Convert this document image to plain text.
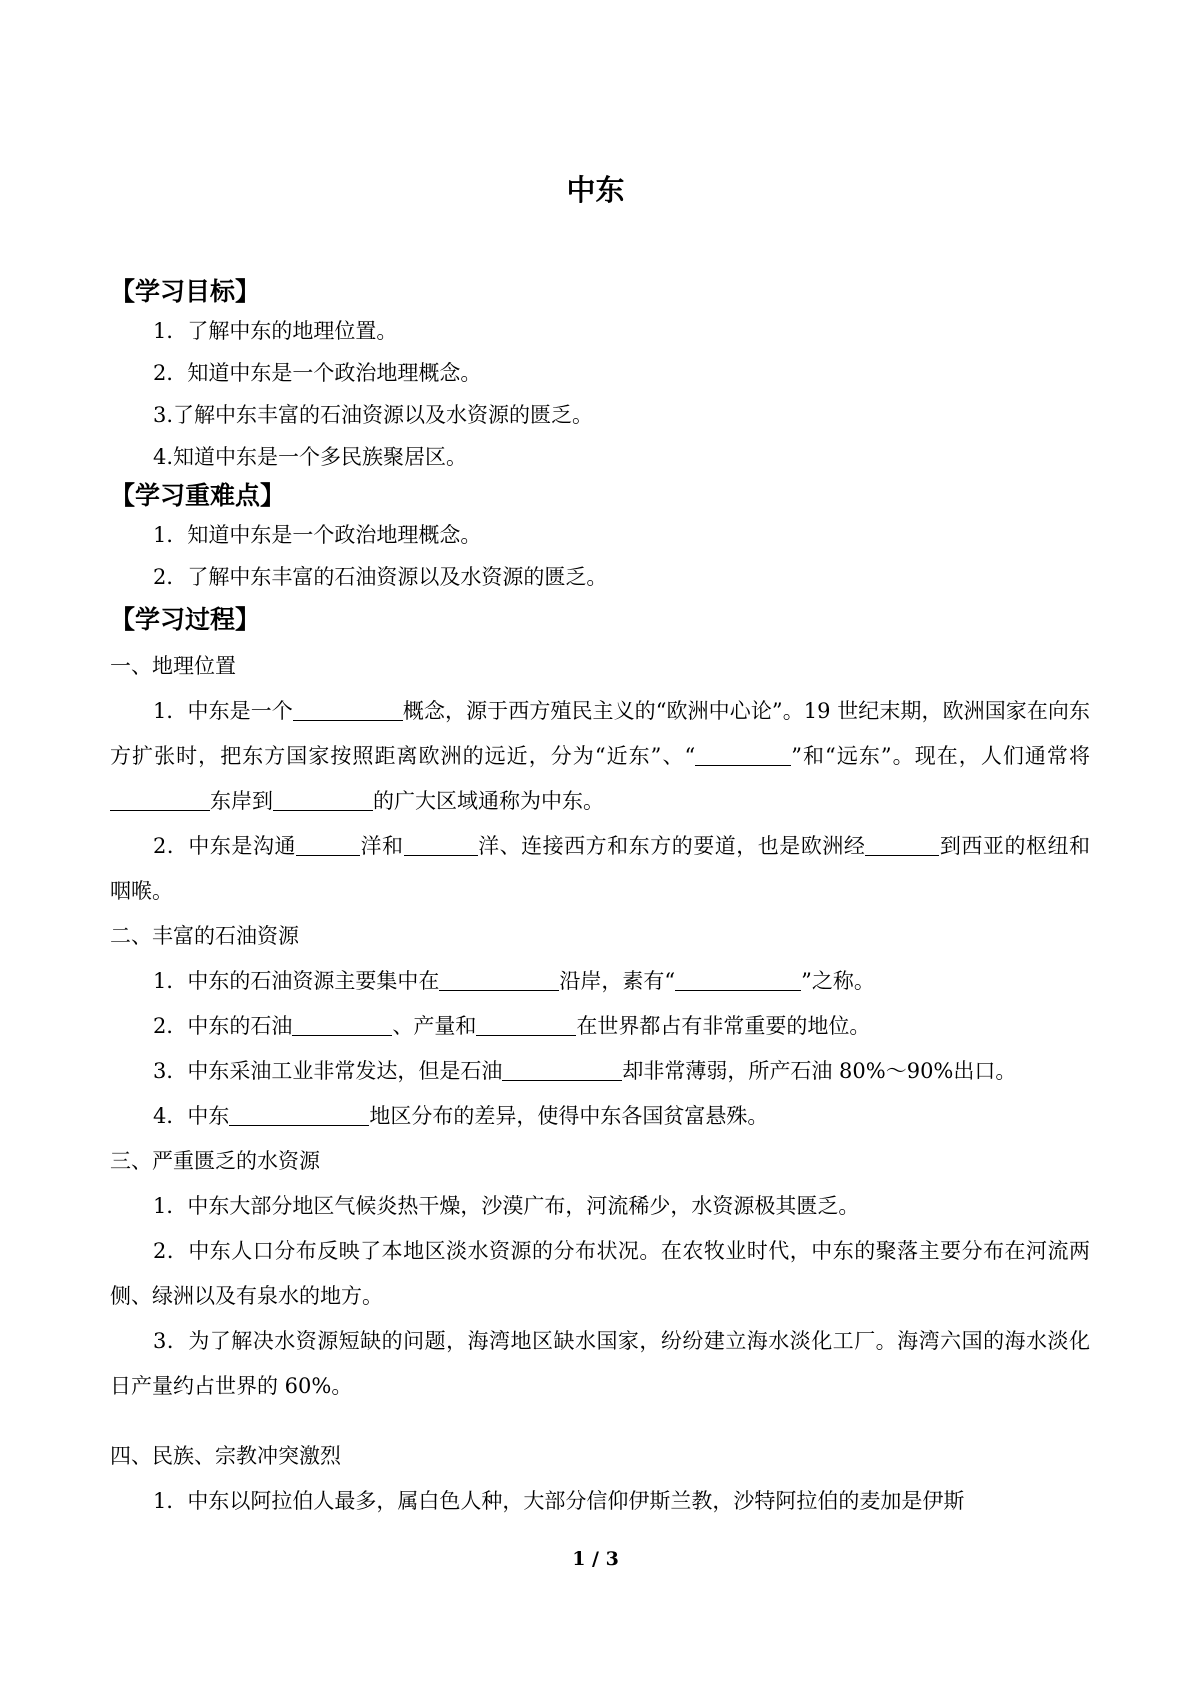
中东

【学习目标】

1．了解中东的地理位置。

2．知道中东是一个政治地理概念。

3.了解中东丰富的石油资源以及水资源的匮乏。

4.知道中东是一个多民族聚居区。

【学习重难点】

1．知道中东是一个政治地理概念。

2．了解中东丰富的石油资源以及水资源的匮乏。

【学习过程】

一、地理位置

1．中东是一个	概念，源于西方殖民主义的“欧洲中心论”。19 世纪末期，欧洲国家在向东方扩张时，把东方国家按照距离欧洲的远近，分为“近东”、“	”和“远东”。现在，人们通常将东岸到	的广大区域通称为中东。

2．中东是沟通	洋和	洋、连接西方和东方的要道，也是欧洲经	到西亚的枢纽和咽喉。

二、丰富的石油资源

1．中东的石油资源主要集中在	沿岸，素有“	”之称。

2．中东的石油	、产量和	在世界都占有非常重要的地位。

3．中东采油工业非常发达，但是石油	却非常薄弱，所产石油 80%～90%出口。

4．中东	地区分布的差异，使得中东各国贫富悬殊。

三、严重匮乏的水资源

1．中东大部分地区气候炎热干燥，沙漠广布，河流稀少，水资源极其匮乏。

2．中东人口分布反映了本地区淡水资源的分布状况。在农牧业时代，中东的聚落主要分布在河流两侧、绿洲以及有泉水的地方。

3．为了解决水资源短缺的问题，海湾地区缺水国家，纷纷建立海水淡化工厂。海湾六国的海水淡化日产量约占世界的 60%。

四、民族、宗教冲突激烈

1．中东以阿拉伯人最多，属白色人种，大部分信仰伊斯兰教，沙特阿拉伯的麦加是伊斯

1 / 3
